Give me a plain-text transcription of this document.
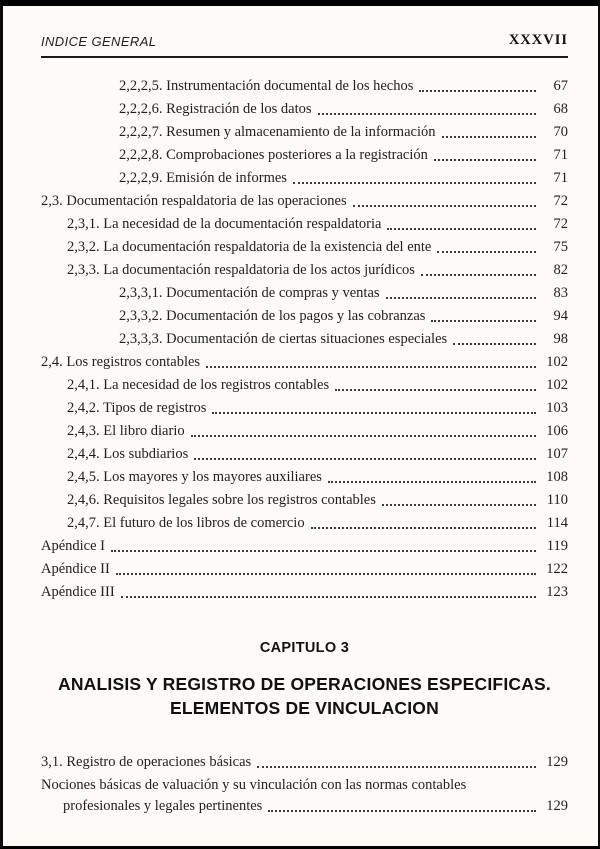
INDICE GENERAL	XXXVII
2,2,2,5. Instrumentación documental de los hechos	67
2,2,2,6. Registración de los datos	68
2,2,2,7. Resumen y almacenamiento de la información	70
2,2,2,8. Comprobaciones posteriores a la registración	71
2,2,2,9. Emisión de informes	71
2,3. Documentación respaldatoria de las operaciones	72
2,3,1. La necesidad de la documentación respaldatoria	72
2,3,2. La documentación respaldatoria de la existencia del ente	75
2,3,3. La documentación respaldatoria de los actos jurídicos	82
2,3,3,1. Documentación de compras y ventas	83
2,3,3,2. Documentación de los pagos y las cobranzas	94
2,3,3,3. Documentación de ciertas situaciones especiales	98
2,4. Los registros contables	102
2,4,1. La necesidad de los registros contables	102
2,4,2. Tipos de registros	103
2,4,3. El libro diario	106
2,4,4. Los subdiarios	107
2,4,5. Los mayores y los mayores auxiliares	108
2,4,6. Requisitos legales sobre los registros contables	110
2,4,7. El futuro de los libros de comercio	114
Apéndice I	119
Apéndice II	122
Apéndice III	123
CAPITULO 3
ANALISIS Y REGISTRO DE OPERACIONES ESPECIFICAS.
ELEMENTOS DE VINCULACION
3,1. Registro de operaciones básicas	129
Nociones básicas de valuación y su vinculación con las normas contables
profesionales y legales pertinentes	129
